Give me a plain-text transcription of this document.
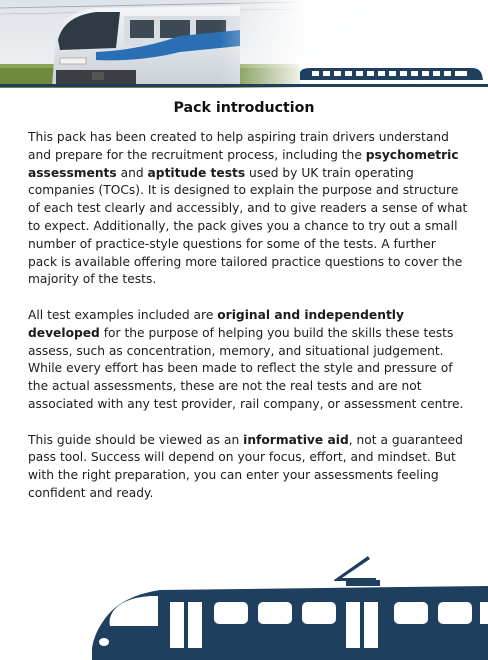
Pack introduction

This pack has been created to help aspiring train drivers understand and prepare for the recruitment process, including the psychometric assessments and aptitude tests used by UK train operating companies (TOCs). It is designed to explain the purpose and structure of each test clearly and accessibly, and to give readers a sense of what to expect. Additionally, the pack gives you a chance to try out a small number of practice-style questions for some of the tests. A further pack is available offering more tailored practice questions to cover the majority of the tests.

All test examples included are original and independently developed for the purpose of helping you build the skills these tests assess, such as concentration, memory, and situational judgement. While every effort has been made to reflect the style and pressure of the actual assessments, these are not the real tests and are not associated with any test provider, rail company, or assessment centre.

This guide should be viewed as an informative aid, not a guaranteed pass tool. Success will depend on your focus, effort, and mindset. But with the right preparation, you can enter your assessments feeling confident and ready.
